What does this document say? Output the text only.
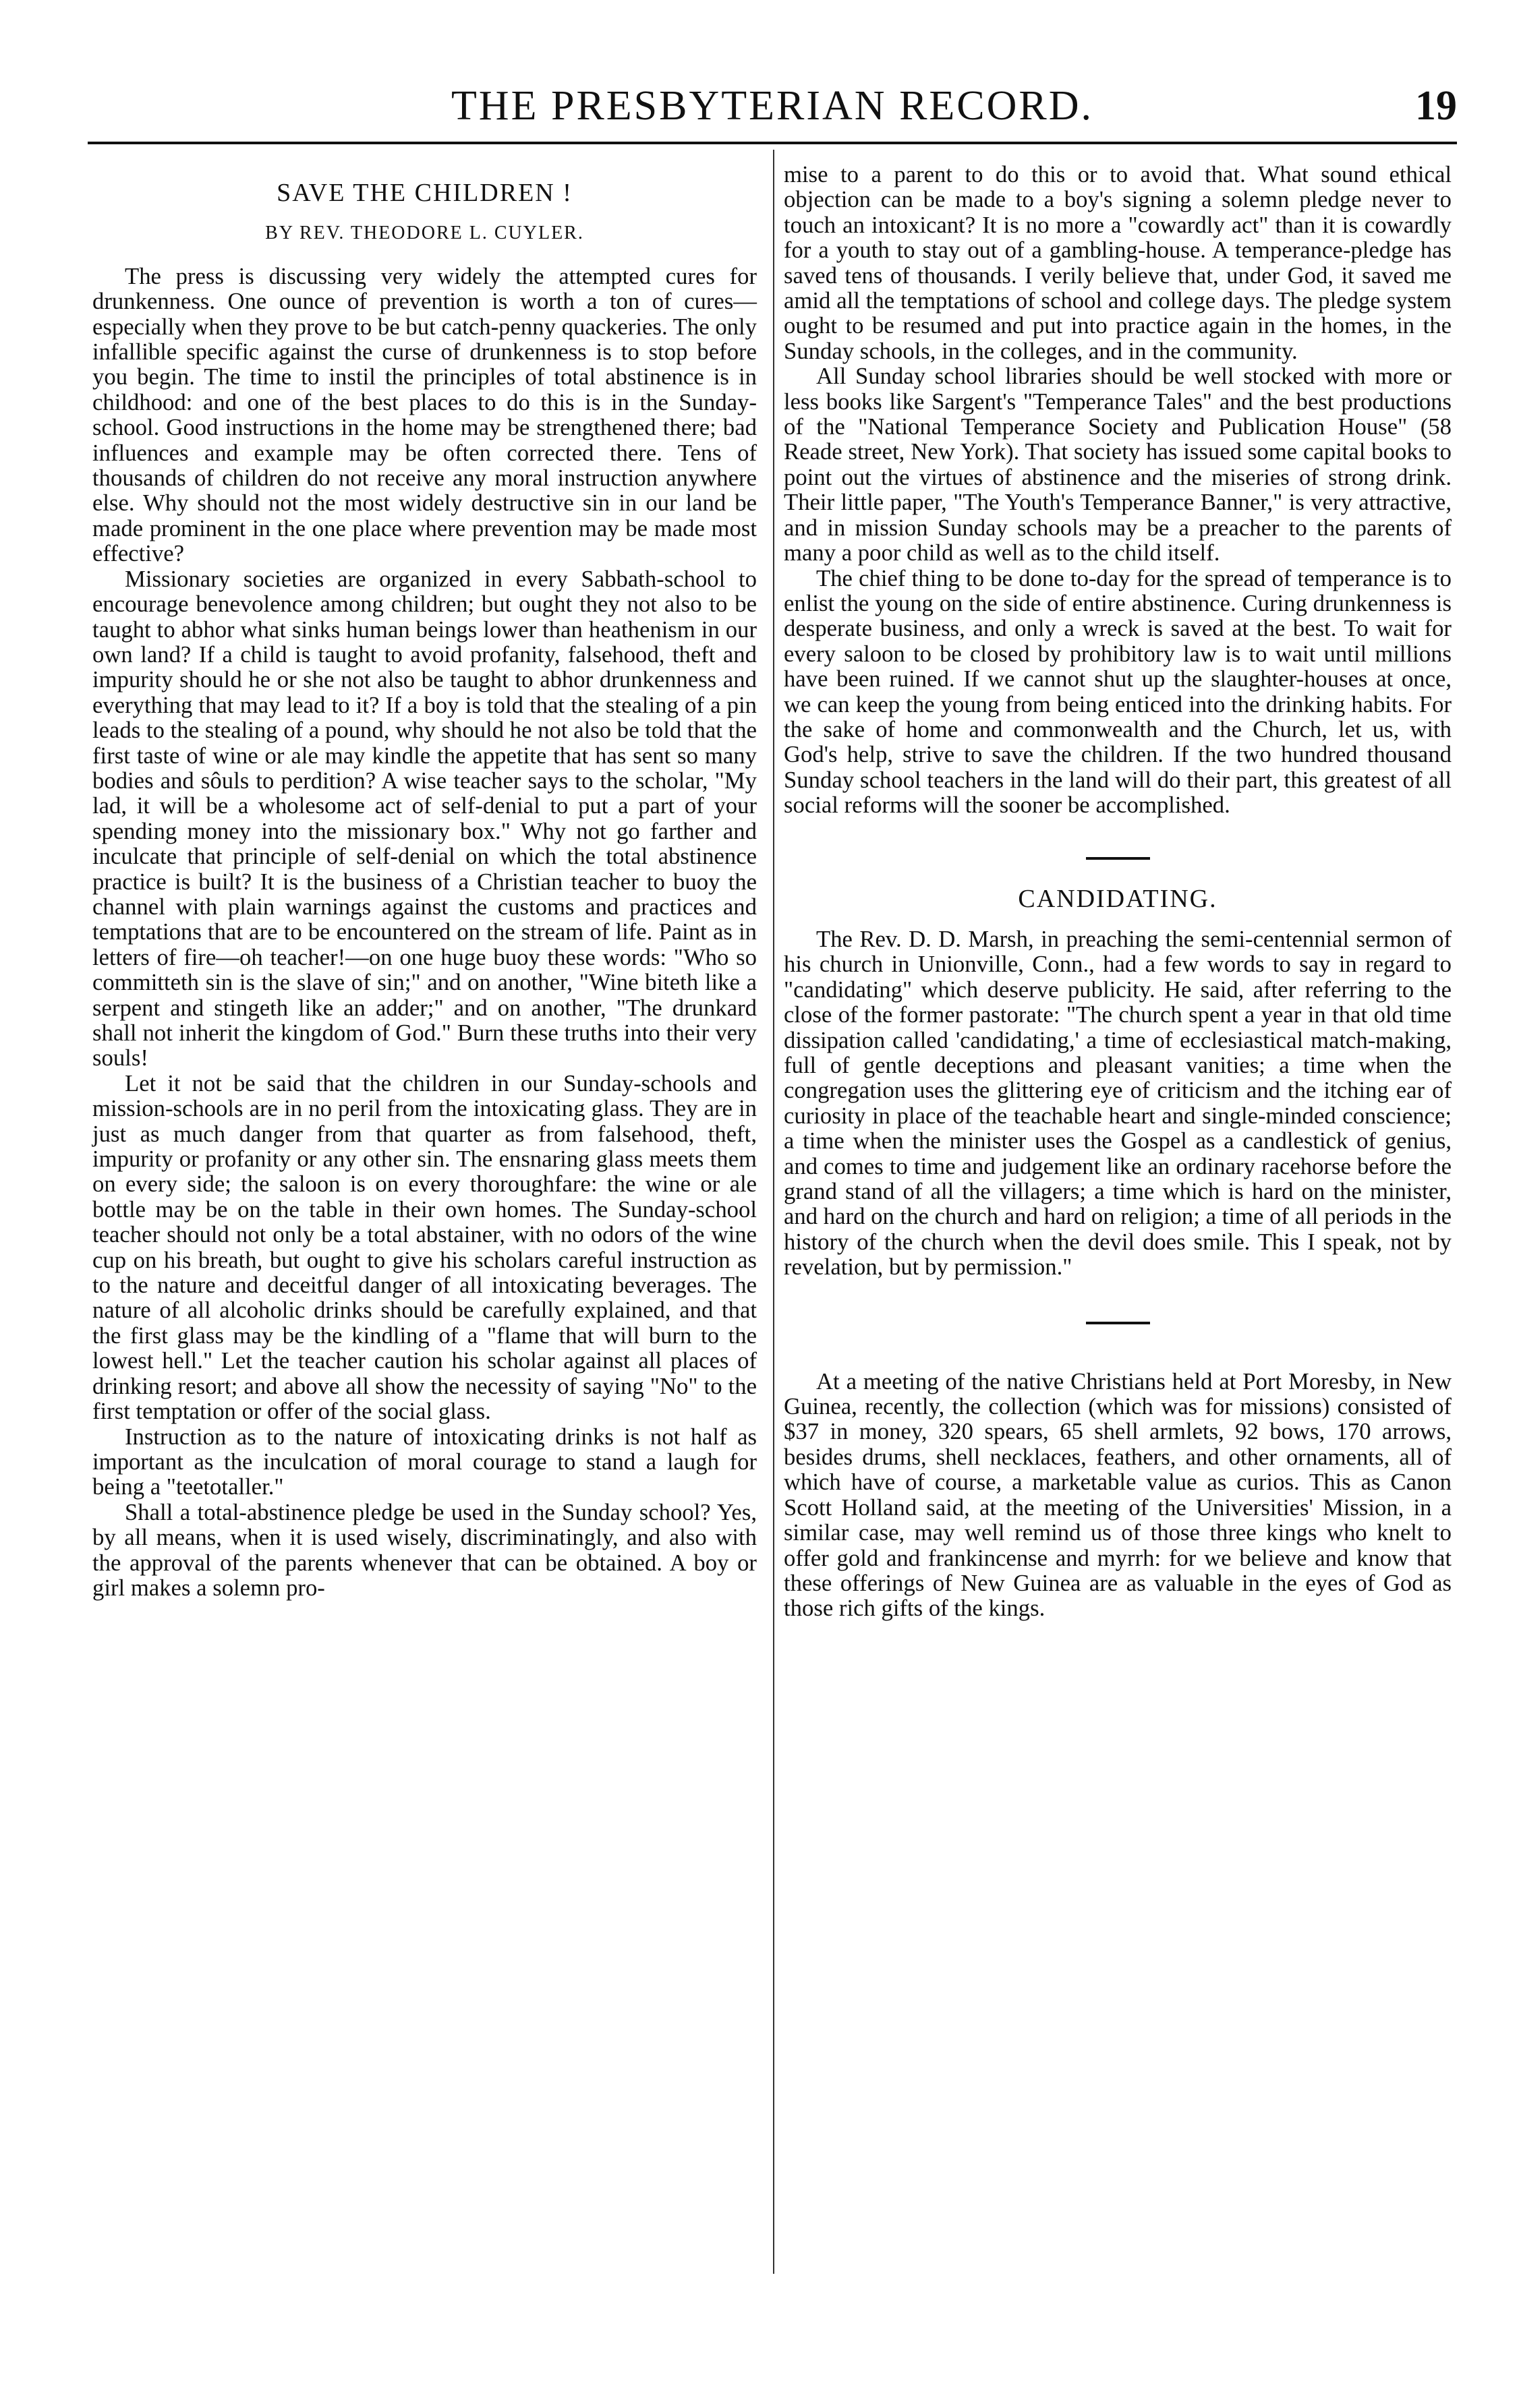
THE PRESBYTERIAN RECORD.	19
SAVE THE CHILDREN !
BY REV. THEODORE L. CUYLER.

The press is discussing very widely the attempted cures for drunkenness. One ounce of prevention is worth a ton of cures—especially when they prove to be but catch-penny quackeries. The only infallible specific against the curse of drunkenness is to stop before you begin. The time to instil the principles of total abstinence is in childhood: and one of the best places to do this is in the Sunday-school. Good instructions in the home may be strengthened there; bad influences and example may be often corrected there. Tens of thousands of children do not receive any moral instruction anywhere else. Why should not the most widely destructive sin in our land be made prominent in the one place where prevention may be made most effective?

Missionary societies are organized in every Sabbath-school to encourage benevolence among children; but ought they not also to be taught to abhor what sinks human beings lower than heathenism in our own land? If a child is taught to avoid profanity, falsehood, theft and impurity should he or she not also be taught to abhor drunkenness and everything that may lead to it? If a boy is told that the stealing of a pin leads to the stealing of a pound, why should he not also be told that the first taste of wine or ale may kindle the appetite that has sent so many bodies and sôuls to perdition? A wise teacher says to the scholar, "My lad, it will be a wholesome act of self-denial to put a part of your spending money into the missionary box." Why not go farther and inculcate that principle of self-denial on which the total abstinence practice is built? It is the business of a Christian teacher to buoy the channel with plain warnings against the customs and practices and temptations that are to be encountered on the stream of life. Paint as in letters of fire—oh teacher!—on one huge buoy these words: "Who so committeth sin is the slave of sin;" and on another, "Wine biteth like a serpent and stingeth like an adder;" and on another, "The drunkard shall not inherit the kingdom of God." Burn these truths into their very souls!

Let it not be said that the children in our Sunday-schools and mission-schools are in no peril from the intoxicating glass. They are in just as much danger from that quarter as from falsehood, theft, impurity or profanity or any other sin. The ensnaring glass meets them on every side; the saloon is on every thoroughfare: the wine or ale bottle may be on the table in their own homes. The Sunday-school teacher should not only be a total abstainer, with no odors of the wine cup on his breath, but ought to give his scholars careful instruction as to the nature and deceitful danger of all intoxicating beverages. The nature of all alcoholic drinks should be carefully explained, and that the first glass may be the kindling of a "flame that will burn to the lowest hell." Let the teacher caution his scholar against all places of drinking resort; and above all show the necessity of saying "No" to the first temptation or offer of the social glass.

Instruction as to the nature of intoxicating drinks is not half as important as the inculcation of moral courage to stand a laugh for being a "teetotaller."

Shall a total-abstinence pledge be used in the Sunday school? Yes, by all means, when it is used wisely, discriminatingly, and also with the approval of the parents whenever that can be obtained. A boy or girl makes a solemn pro-

mise to a parent to do this or to avoid that. What sound ethical objection can be made to a boy's signing a solemn pledge never to touch an intoxicant? It is no more a "cowardly act" than it is cowardly for a youth to stay out of a gambling-house. A temperance-pledge has saved tens of thousands. I verily believe that, under God, it saved me amid all the temptations of school and college days. The pledge system ought to be resumed and put into practice again in the homes, in the Sunday schools, in the colleges, and in the community.

All Sunday school libraries should be well stocked with more or less books like Sargent's "Temperance Tales" and the best productions of the "National Temperance Society and Publication House" (58 Reade street, New York). That society has issued some capital books to point out the virtues of abstinence and the miseries of strong drink. Their little paper, "The Youth's Temperance Banner," is very attractive, and in mission Sunday schools may be a preacher to the parents of many a poor child as well as to the child itself.

The chief thing to be done to-day for the spread of temperance is to enlist the young on the side of entire abstinence. Curing drunkenness is desperate business, and only a wreck is saved at the best. To wait for every saloon to be closed by prohibitory law is to wait until millions have been ruined. If we cannot shut up the slaughter-houses at once, we can keep the young from being enticed into the drinking habits. For the sake of home and commonwealth and the Church, let us, with God's help, strive to save the children. If the two hundred thousand Sunday school teachers in the land will do their part, this greatest of all social reforms will the sooner be accomplished.

CANDIDATING.

The Rev. D. D. Marsh, in preaching the semi-centennial sermon of his church in Unionville, Conn., had a few words to say in regard to "candidating" which deserve publicity. He said, after referring to the close of the former pastorate: "The church spent a year in that old time dissipation called 'candidating,' a time of ecclesiastical match-making, full of gentle deceptions and pleasant vanities; a time when the congregation uses the glittering eye of criticism and the itching ear of curiosity in place of the teachable heart and single-minded conscience; a time when the minister uses the Gospel as a candlestick of genius, and comes to time and judgement like an ordinary racehorse before the grand stand of all the villagers; a time which is hard on the minister, and hard on the church and hard on religion; a time of all periods in the history of the church when the devil does smile. This I speak, not by revelation, but by permission."

At a meeting of the native Christians held at Port Moresby, in New Guinea, recently, the collection (which was for missions) consisted of $37 in money, 320 spears, 65 shell armlets, 92 bows, 170 arrows, besides drums, shell necklaces, feathers, and other ornaments, all of which have of course, a marketable value as curios. This as Canon Scott Holland said, at the meeting of the Universities' Mission, in a similar case, may well remind us of those three kings who knelt to offer gold and frankincense and myrrh: for we believe and know that these offerings of New Guinea are as valuable in the eyes of God as those rich gifts of the kings.
